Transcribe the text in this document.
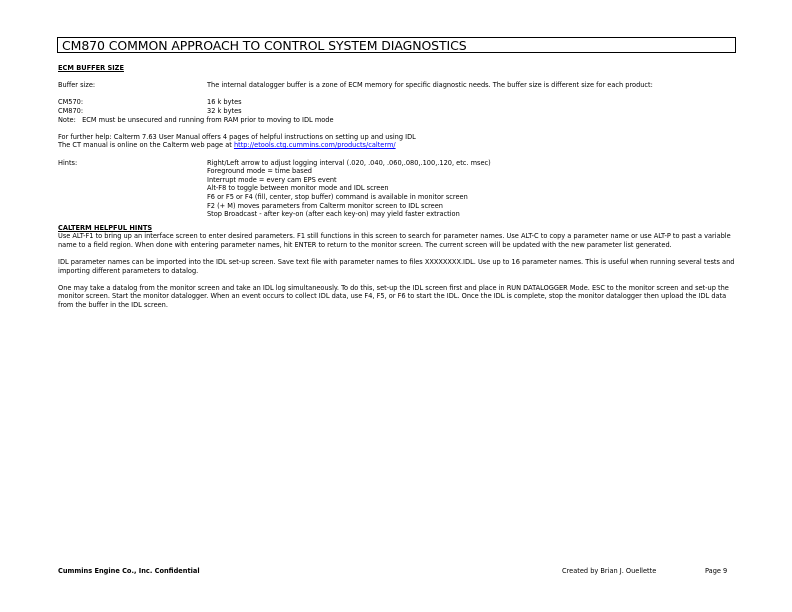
CM870 COMMON APPROACH TO CONTROL SYSTEM DIAGNOSTICS
ECM BUFFER SIZE
Buffer size:	The internal datalogger buffer is a zone of ECM memory for specific diagnostic needs. The buffer size is different size for each product:
CM570:	16 k bytes
CM870:	32 k bytes
Note:   ECM must be unsecured and running from RAM prior to moving to IDL mode
For further help: Calterm 7.63 User Manual offers 4 pages of helpful instructions on setting up and using IDL
The CT manual is online on the Calterm web page at http://etools.ctg.cummins.com/products/calterm/
Hints:	Right/Left arrow to adjust logging interval (.020, .040, .060,.080,.100,.120, etc. msec)
Foreground mode = time based
Interrupt mode = every cam EPS event
Alt-F8 to toggle between monitor mode and IDL screen
F6 or F5 or F4 (fill, center, stop buffer) command is available in monitor screen
F2 (+ M) moves parameters from Calterm monitor screen to IDL screen
Stop Broadcast - after key-on (after each key-on) may yield faster extraction
CALTERM HELPFUL HINTS

Use ALT-F1 to bring up an interface screen to enter desired parameters. F1 still functions in this screen to search for parameter names. Use ALT-C to copy a parameter name or use ALT-P to past a variable name to a field region. When done with entering parameter names, hit ENTER to return to the monitor screen. The current screen will be updated with the new parameter list generated.

IDL parameter names can be imported into the IDL set-up screen. Save text file with parameter names to files XXXXXXXX.IDL. Use up to 16 parameter names. This is useful when running several tests and importing different parameters to datalog.

One may take a datalog from the monitor screen and take an IDL log simultaneously. To do this, set-up the IDL screen first and place in RUN DATALOGGER Mode. ESC to the monitor screen and set-up the monitor screen. Start the monitor datalogger. When an event occurs to collect IDL data, use F4, F5, or F6 to start the IDL. Once the IDL is complete, stop the monitor datalogger then upload the IDL data from the buffer in the IDL screen.

Cummins Engine Co., Inc. Confidential	Created by Brian J. Ouellette	Page 9
